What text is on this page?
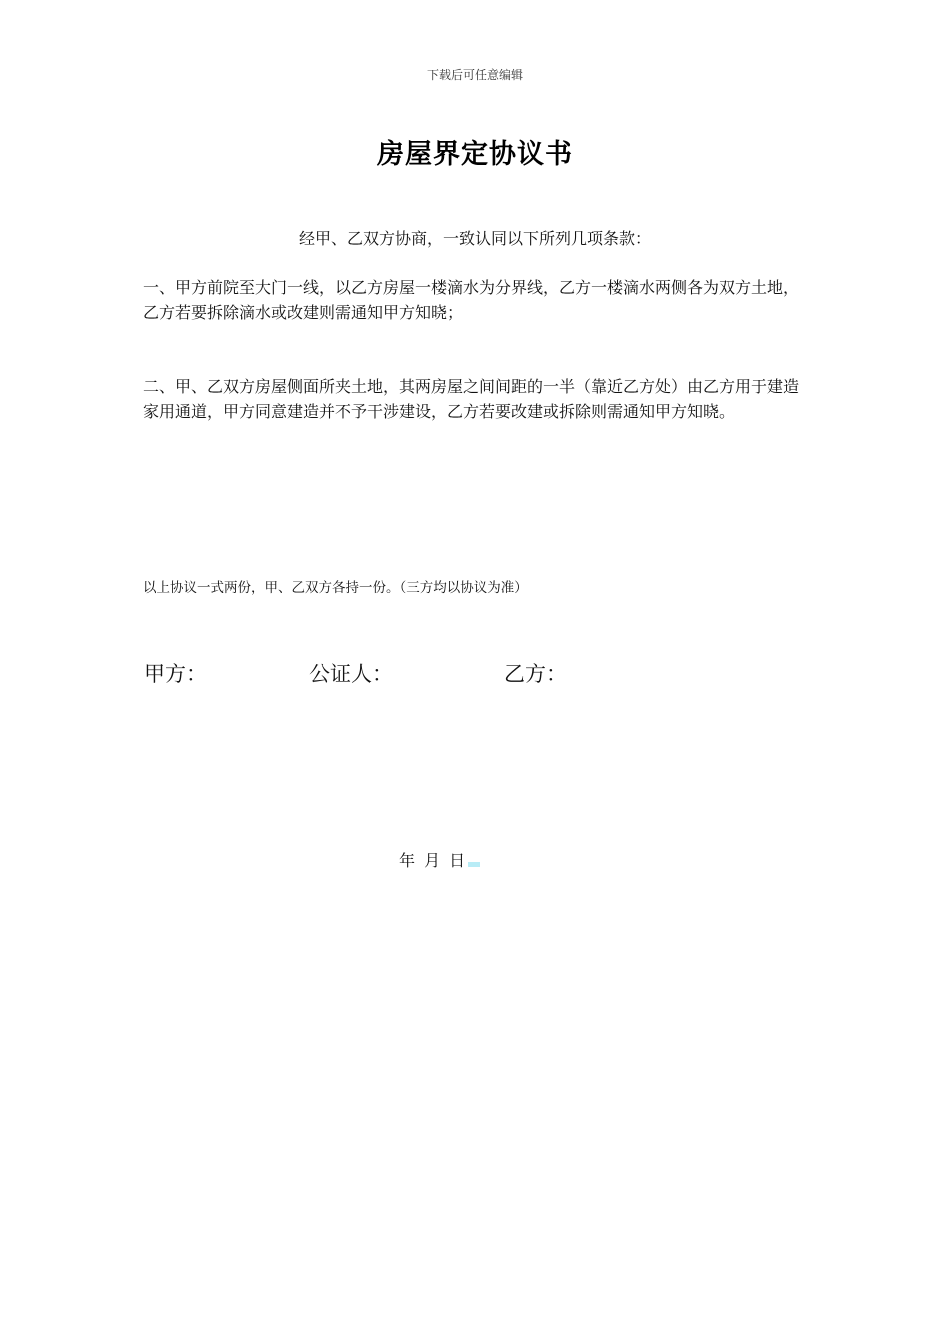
下载后可任意编辑
房屋界定协议书
经甲、乙双方协商，一致认同以下所列几项条款：
一、甲方前院至大门一线，以乙方房屋一楼滴水为分界线，乙方一楼滴水两侧各为双方土地，乙方若要拆除滴水或改建则需通知甲方知晓；
二、甲、乙双方房屋侧面所夹土地，其两房屋之间间距的一半（靠近乙方处）由乙方用于建造家用通道，甲方同意建造并不予干涉建设，乙方若要改建或拆除则需通知甲方知晓。
以上协议一式两份，甲、乙双方各持一份。（三方均以协议为准）
甲方：	公证人：	乙方：
年 月 日
